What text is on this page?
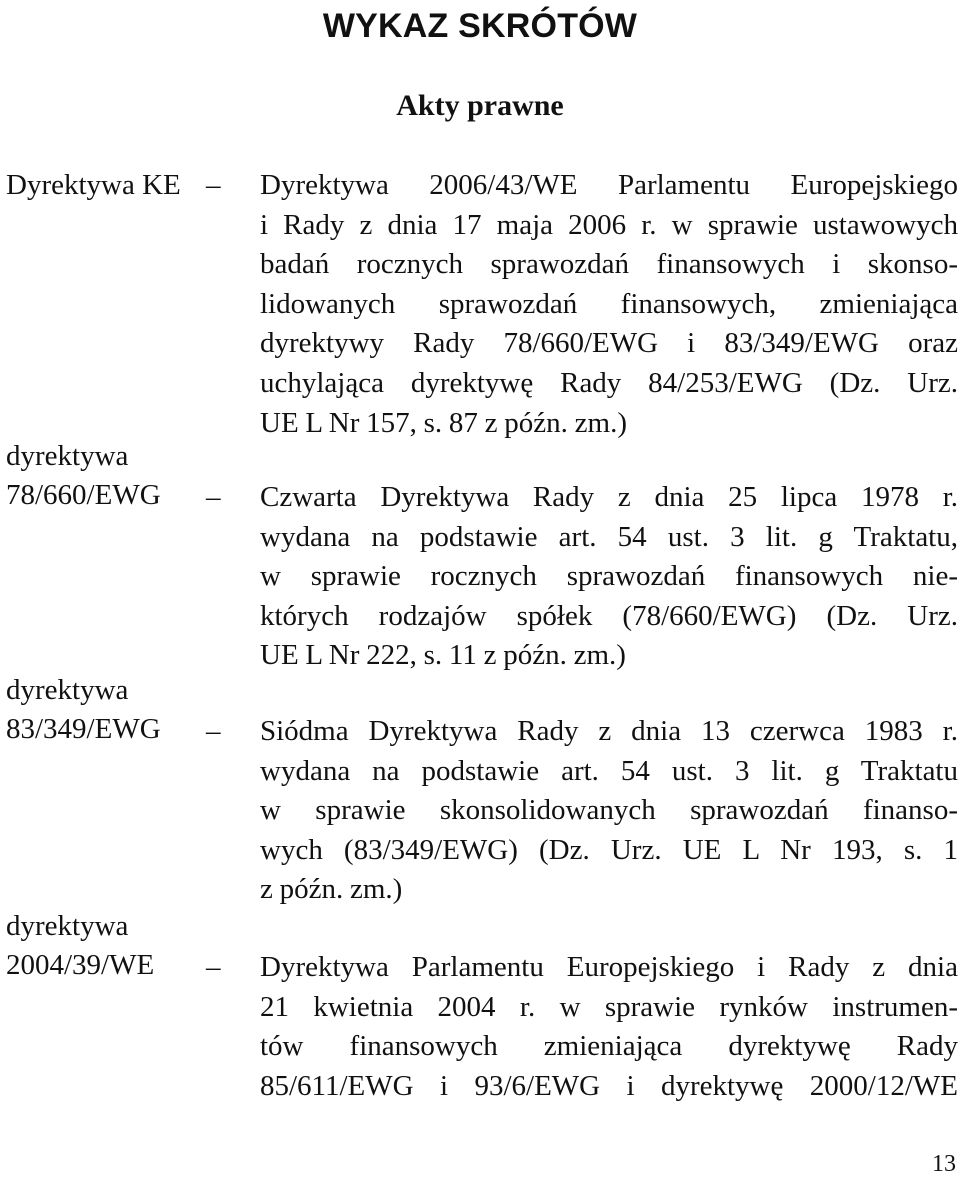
WYKAZ SKRÓTÓW
Akty prawne
Dyrektywa KE – Dyrektywa 2006/43/WE Parlamentu Europejskiego
i Rady z dnia 17 maja 2006 r. w sprawie ustawowych
badań rocznych sprawozdań finansowych i skonso-
lidowanych sprawozdań finansowych, zmieniająca
dyrektywy Rady 78/660/EWG i 83/349/EWG oraz
uchylająca dyrektywę Rady 84/253/EWG (Dz. Urz.
UE L Nr 157, s. 87 z późn. zm.)
dyrektywa
78/660/EWG – Czwarta Dyrektywa Rady z dnia 25 lipca 1978 r.
wydana na podstawie art. 54 ust. 3 lit. g Traktatu,
w sprawie rocznych sprawozdań finansowych nie-
których rodzajów spółek (78/660/EWG) (Dz. Urz.
UE L Nr 222, s. 11 z późn. zm.)
dyrektywa
83/349/EWG – Siódma Dyrektywa Rady z dnia 13 czerwca 1983 r.
wydana na podstawie art. 54 ust. 3 lit. g Traktatu
w sprawie skonsolidowanych sprawozdań finanso-
wych (83/349/EWG) (Dz. Urz. UE L Nr 193, s. 1
z późn. zm.)
dyrektywa
2004/39/WE – Dyrektywa Parlamentu Europejskiego i Rady z dnia
21 kwietnia 2004 r. w sprawie rynków instrumen-
tów finansowych zmieniająca dyrektywę Rady
85/611/EWG i 93/6/EWG i dyrektywę 2000/12/WE
13
